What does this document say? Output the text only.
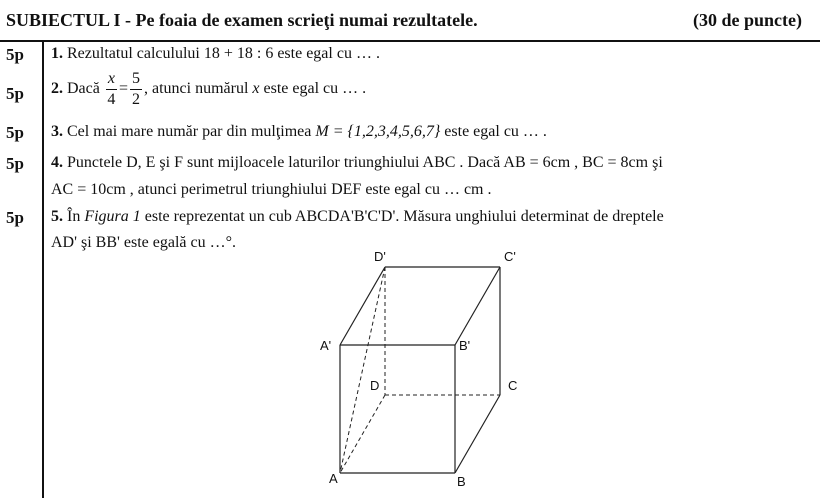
SUBIECTUL I - Pe foaia de examen scrieţi numai rezultatele.	(30 de puncte)
5p	1. Rezultatul calculului 18 + 18 : 6 este egal cu … .
5p	2. Dacă $\frac{x}{4} = \frac{5}{2}$ , atunci numărul x este egal cu … .
5p	3. Cel mai mare număr par din mulţimea M = {1,2,3,4,5,6,7} este egal cu … .
5p	4. Punctele D, E şi F sunt mijloacele laturilor triunghiului ABC . Dacă AB = 6cm , BC = 8cm şi
AC = 10cm , atunci perimetrul triunghiului DEF este egal cu … cm .
5p	5. În Figura 1 este reprezentat un cub ABCDA'B'C'D'. Măsura unghiului determinat de dreptele
AD' şi BB' este egală cu …°.
D'	C'
A'	B'
D	C
A	B
